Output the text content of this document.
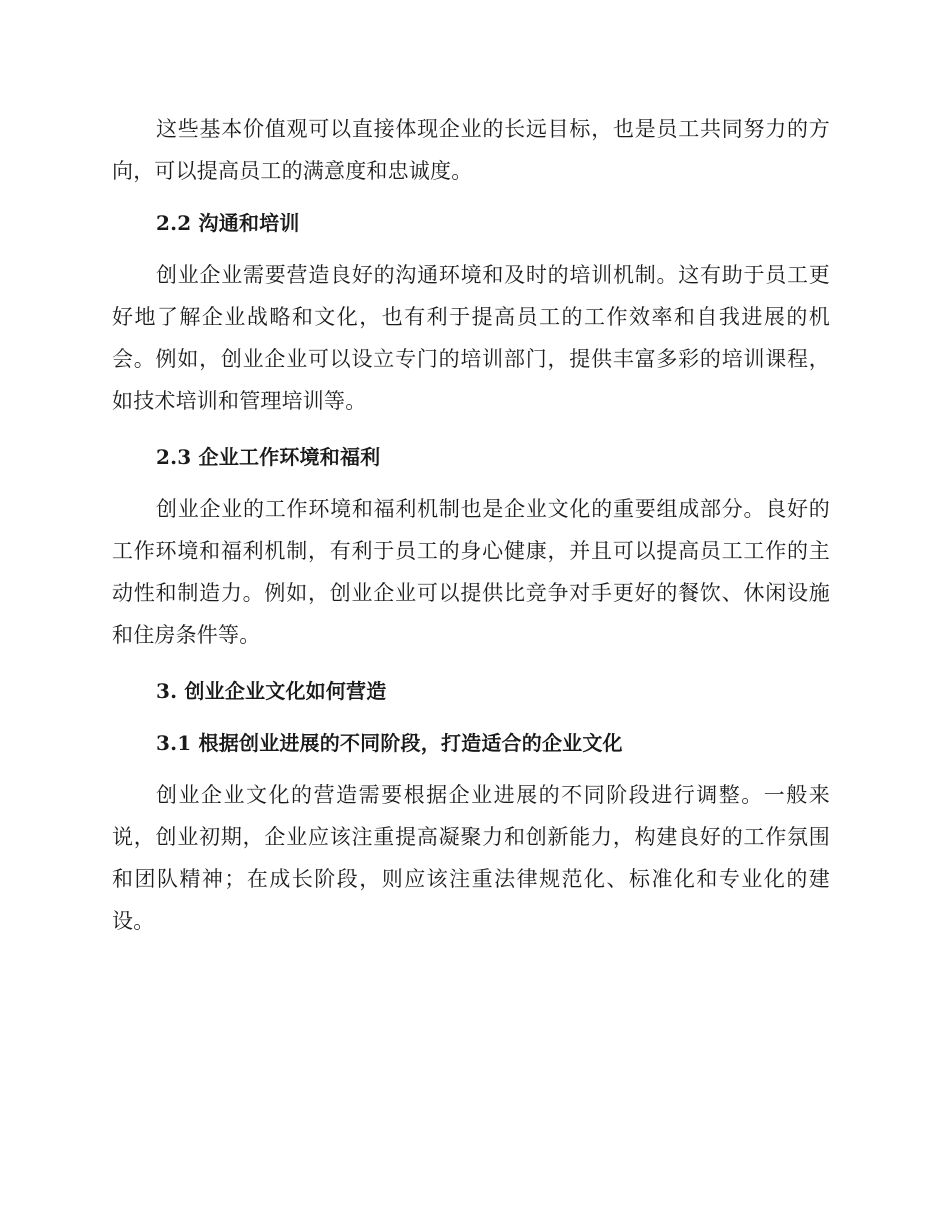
这些基本价值观可以直接体现企业的长远目标，也是员工共同努力的方向，可以提高员工的满意度和忠诚度。

2.2 沟通和培训

创业企业需要营造良好的沟通环境和及时的培训机制。这有助于员工更好地了解企业战略和文化，也有利于提高员工的工作效率和自我进展的机会。例如，创业企业可以设立专门的培训部门，提供丰富多彩的培训课程，如技术培训和管理培训等。

2.3 企业工作环境和福利

创业企业的工作环境和福利机制也是企业文化的重要组成部分。良好的工作环境和福利机制，有利于员工的身心健康，并且可以提高员工工作的主动性和制造力。例如，创业企业可以提供比竞争对手更好的餐饮、休闲设施和住房条件等。

3. 创业企业文化如何营造
3.1 根据创业进展的不同阶段，打造适合的企业文化

创业企业文化的营造需要根据企业进展的不同阶段进行调整。一般来说，创业初期，企业应该注重提高凝聚力和创新能力，构建良好的工作氛围和团队精神；在成长阶段，则应该注重法律规范化、标准化和专业化的建设。
